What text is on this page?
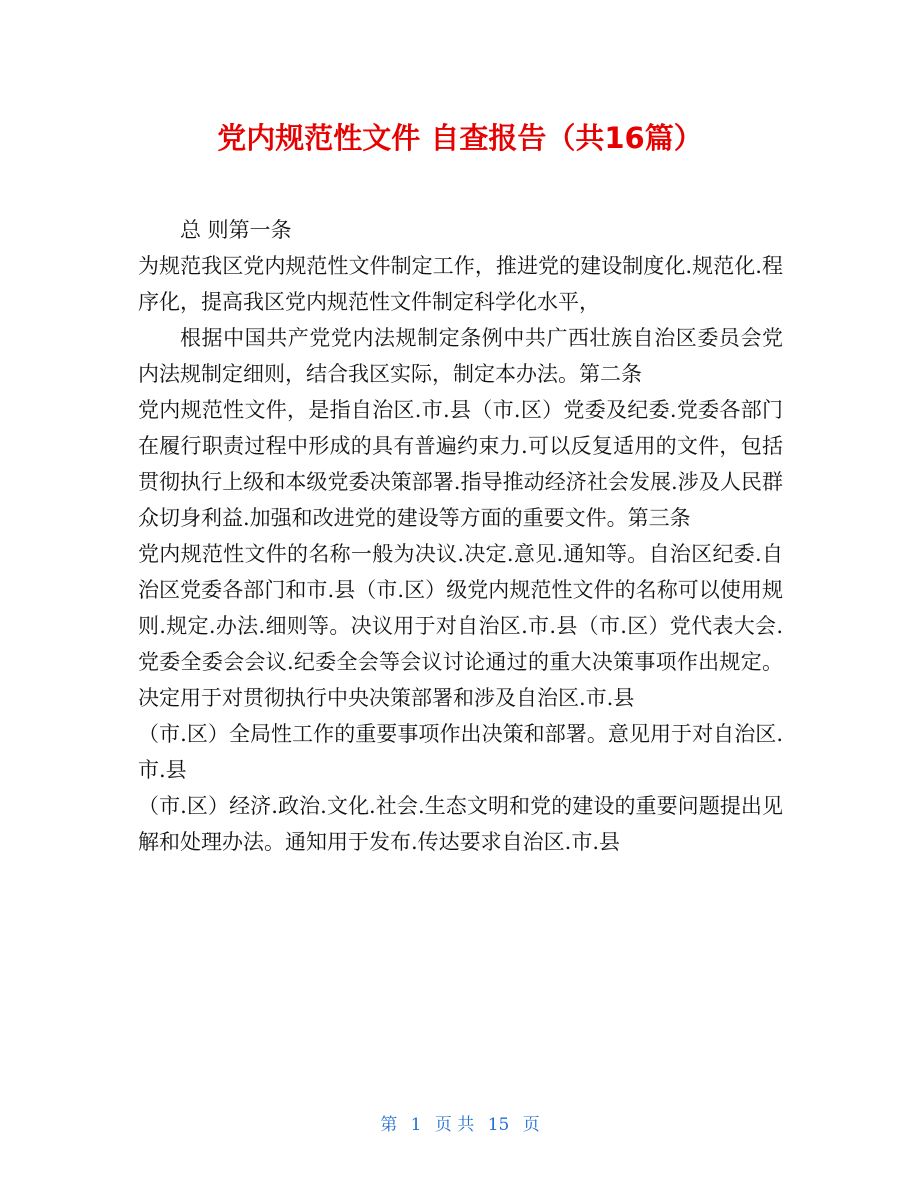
党内规范性文件 自查报告（共16篇）

总 则第一条

为规范我区党内规范性文件制定工作，推进党的建设制度化.规范化.程序化，提高我区党内规范性文件制定科学化水平，

根据中国共产党党内法规制定条例中共广西壮族自治区委员会党内法规制定细则，结合我区实际，制定本办法。第二条

党内规范性文件，是指自治区.市.县（市.区）党委及纪委.党委各部门在履行职责过程中形成的具有普遍约束力.可以反复适用的文件，包括贯彻执行上级和本级党委决策部署.指导推动经济社会发展.涉及人民群众切身利益.加强和改进党的建设等方面的重要文件。第三条

党内规范性文件的名称一般为决议.决定.意见.通知等。自治区纪委.自治区党委各部门和市.县（市.区）级党内规范性文件的名称可以使用规则.规定.办法.细则等。决议用于对自治区.市.县（市.区）党代表大会.党委全委会会议.纪委全会等会议讨论通过的重大决策事项作出规定。决定用于对贯彻执行中央决策部署和涉及自治区.市.县

（市.区）全局性工作的重要事项作出决策和部署。意见用于对自治区.市.县

（市.区）经济.政治.文化.社会.生态文明和党的建设的重要问题提出见解和处理办法。通知用于发布.传达要求自治区.市.县

第 1 页 共 15 页
